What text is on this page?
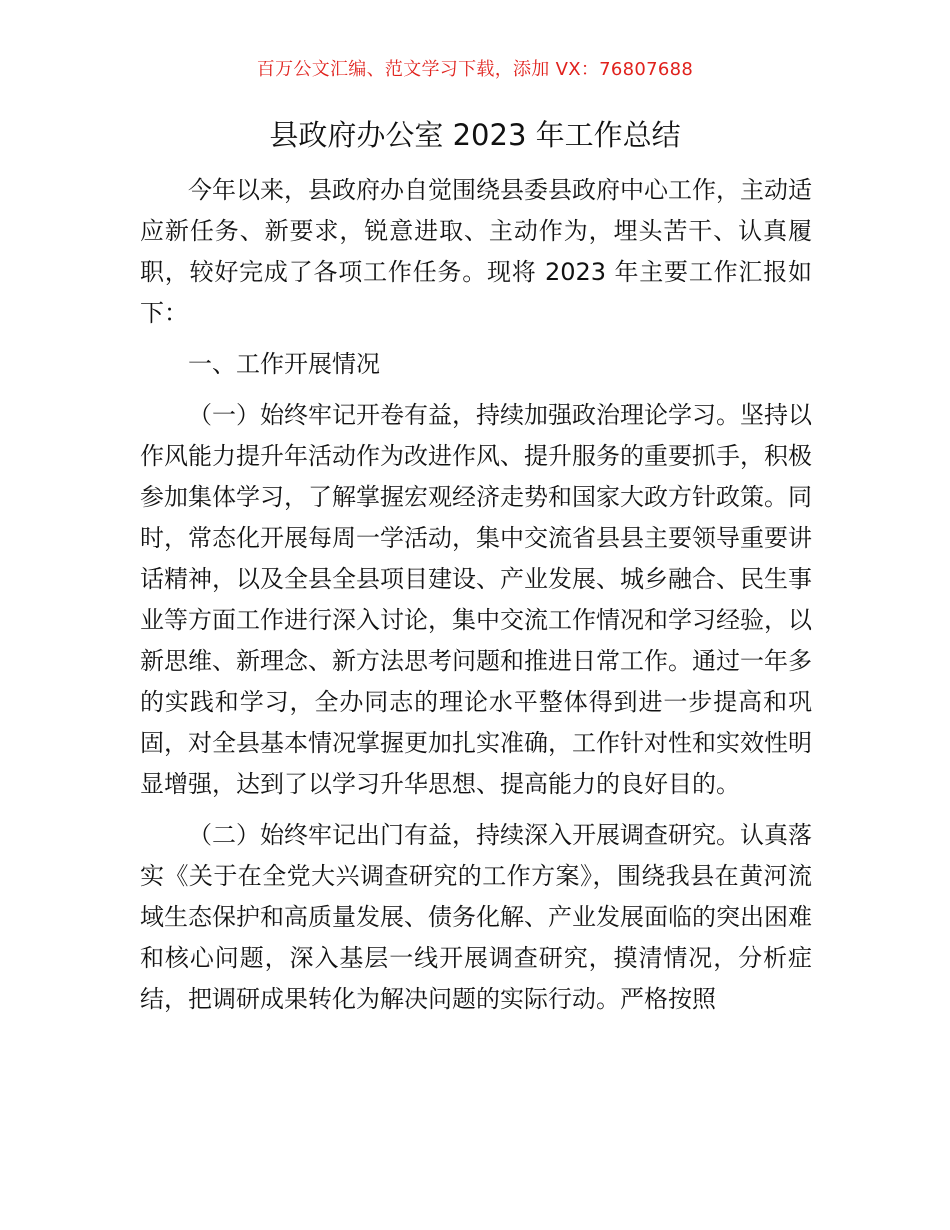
百万公文汇编、范文学习下载，添加 VX：76807688
县政府办公室 2023 年工作总结

今年以来，县政府办自觉围绕县委县政府中心工作，主动适应新任务、新要求，锐意进取、主动作为，埋头苦干、认真履职，较好完成了各项工作任务。现将 2023 年主要工作汇报如下：

一、工作开展情况

（一）始终牢记开卷有益，持续加强政治理论学习。坚持以作风能力提升年活动作为改进作风、提升服务的重要抓手，积极参加集体学习，了解掌握宏观经济走势和国家大政方针政策。同时，常态化开展每周一学活动，集中交流省县县主要领导重要讲话精神，以及全县全县项目建设、产业发展、城乡融合、民生事业等方面工作进行深入讨论，集中交流工作情况和学习经验，以新思维、新理念、新方法思考问题和推进日常工作。通过一年多的实践和学习，全办同志的理论水平整体得到进一步提高和巩固，对全县基本情况掌握更加扎实准确，工作针对性和实效性明显增强，达到了以学习升华思想、提高能力的良好目的。

（二）始终牢记出门有益，持续深入开展调查研究。认真落实《关于在全党大兴调查研究的工作方案》，围绕我县在黄河流域生态保护和高质量发展、债务化解、产业发展面临的突出困难和核心问题，深入基层一线开展调查研究，摸清情况，分析症结，把调研成果转化为解决问题的实际行动。严格按照
